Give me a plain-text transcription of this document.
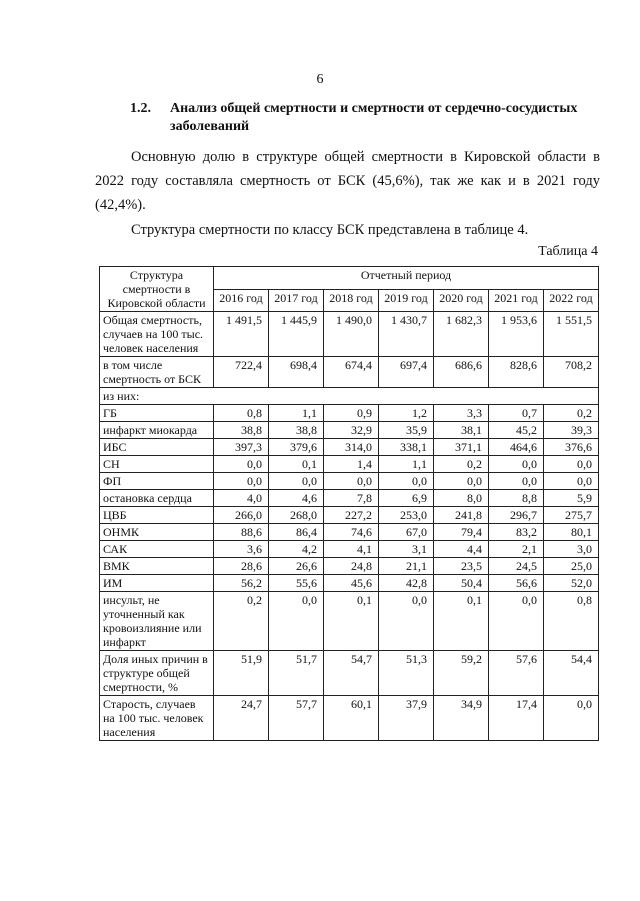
6
1.2. Анализ общей смертности и смертности от сердечно-сосудистых заболеваний
Основную долю в структуре общей смертности в Кировской области в 2022 году составляла смертность от БСК (45,6%), так же как и в 2021 году (42,4%).
Структура смертности по классу БСК представлена в таблице 4.
Таблица 4
Структура смертности в Кировской области	Отчетный период						
	2016 год	2017 год	2018 год	2019 год	2020 год	2021 год	2022 год
Общая смертность, случаев на 100 тыс. человек населения	1 491,5	1 445,9	1 490,0	1 430,7	1 682,3	1 953,6	1 551,5
в том числе смертность от БСК	722,4	698,4	674,4	697,4	686,6	828,6	708,2
из них:							
ГБ	0,8	1,1	0,9	1,2	3,3	0,7	0,2
инфаркт миокарда	38,8	38,8	32,9	35,9	38,1	45,2	39,3
ИБС	397,3	379,6	314,0	338,1	371,1	464,6	376,6
СН	0,0	0,1	1,4	1,1	0,2	0,0	0,0
ФП	0,0	0,0	0,0	0,0	0,0	0,0	0,0
остановка сердца	4,0	4,6	7,8	6,9	8,0	8,8	5,9
ЦВБ	266,0	268,0	227,2	253,0	241,8	296,7	275,7
ОНМК	88,6	86,4	74,6	67,0	79,4	83,2	80,1
САК	3,6	4,2	4,1	3,1	4,4	2,1	3,0
ВМК	28,6	26,6	24,8	21,1	23,5	24,5	25,0
ИМ	56,2	55,6	45,6	42,8	50,4	56,6	52,0
инсульт, не уточненный как кровоизлияние или инфаркт	0,2	0,0	0,1	0,0	0,1	0,0	0,8
Доля иных причин в структуре общей смертности, %	51,9	51,7	54,7	51,3	59,2	57,6	54,4
Старость, случаев на 100 тыс. человек населения	24,7	57,7	60,1	37,9	34,9	17,4	0,0
